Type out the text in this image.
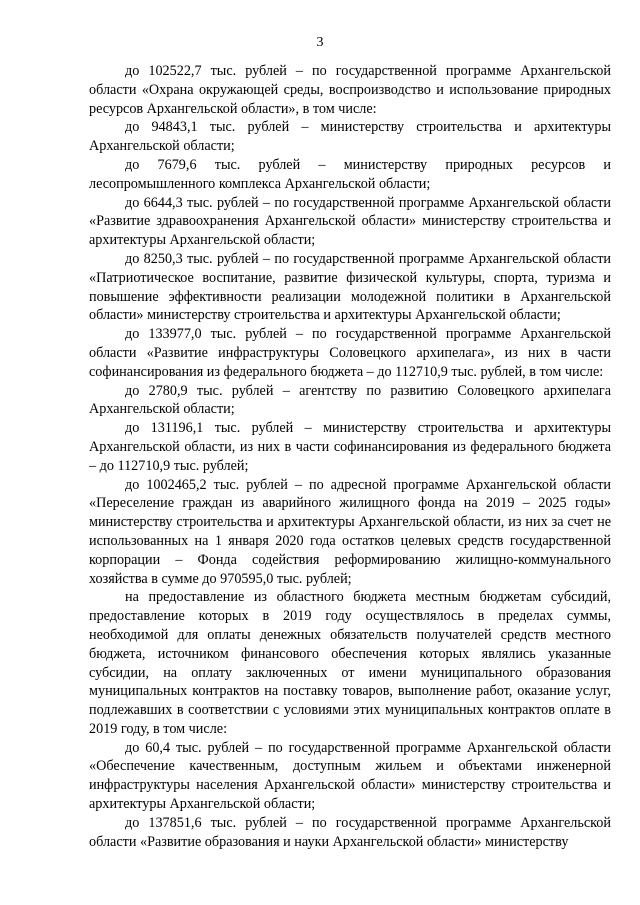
3

до 102522,7 тыс. рублей – по государственной программе Архангельской области «Охрана окружающей среды, воспроизводство и использование природных ресурсов Архангельской области», в том числе:

до 94843,1 тыс. рублей – министерству строительства и архитектуры Архангельской области;

до 7679,6 тыс. рублей – министерству природных ресурсов и лесопромышленного комплекса Архангельской области;

до 6644,3 тыс. рублей – по государственной программе Архангельской области «Развитие здравоохранения Архангельской области» министерству строительства и архитектуры Архангельской области;

до 8250,3 тыс. рублей – по государственной программе Архангельской области «Патриотическое воспитание, развитие физической культуры, спорта, туризма и повышение эффективности реализации молодежной политики в Архангельской области» министерству строительства и архитектуры Архангельской области;

до 133977,0 тыс. рублей – по государственной программе Архангельской области «Развитие инфраструктуры Соловецкого архипелага», из них в части софинансирования из федерального бюджета – до 112710,9 тыс. рублей, в том числе:

до 2780,9 тыс. рублей – агентству по развитию Соловецкого архипелага Архангельской области;

до 131196,1 тыс. рублей – министерству строительства и архитектуры Архангельской области, из них в части софинансирования из федерального бюджета – до 112710,9 тыс. рублей;

до 1002465,2 тыс. рублей – по адресной программе Архангельской области «Переселение граждан из аварийного жилищного фонда на 2019 – 2025 годы» министерству строительства и архитектуры Архангельской области, из них за счет не использованных на 1 января 2020 года остатков целевых средств государственной корпорации – Фонда содействия реформированию жилищно-коммунального хозяйства в сумме до 970595,0 тыс. рублей;

на предоставление из областного бюджета местным бюджетам субсидий, предоставление которых в 2019 году осуществлялось в пределах суммы, необходимой для оплаты денежных обязательств получателей средств местного бюджета, источником финансового обеспечения которых являлись указанные субсидии, на оплату заключенных от имени муниципального образования муниципальных контрактов на поставку товаров, выполнение работ, оказание услуг, подлежавших в соответствии с условиями этих муниципальных контрактов оплате в 2019 году, в том числе:

до 60,4 тыс. рублей – по государственной программе Архангельской области «Обеспечение качественным, доступным жильем и объектами инженерной инфраструктуры населения Архангельской области» министерству строительства и архитектуры Архангельской области;

до 137851,6 тыс. рублей – по государственной программе Архангельской области «Развитие образования и науки Архангельской области» министерству
